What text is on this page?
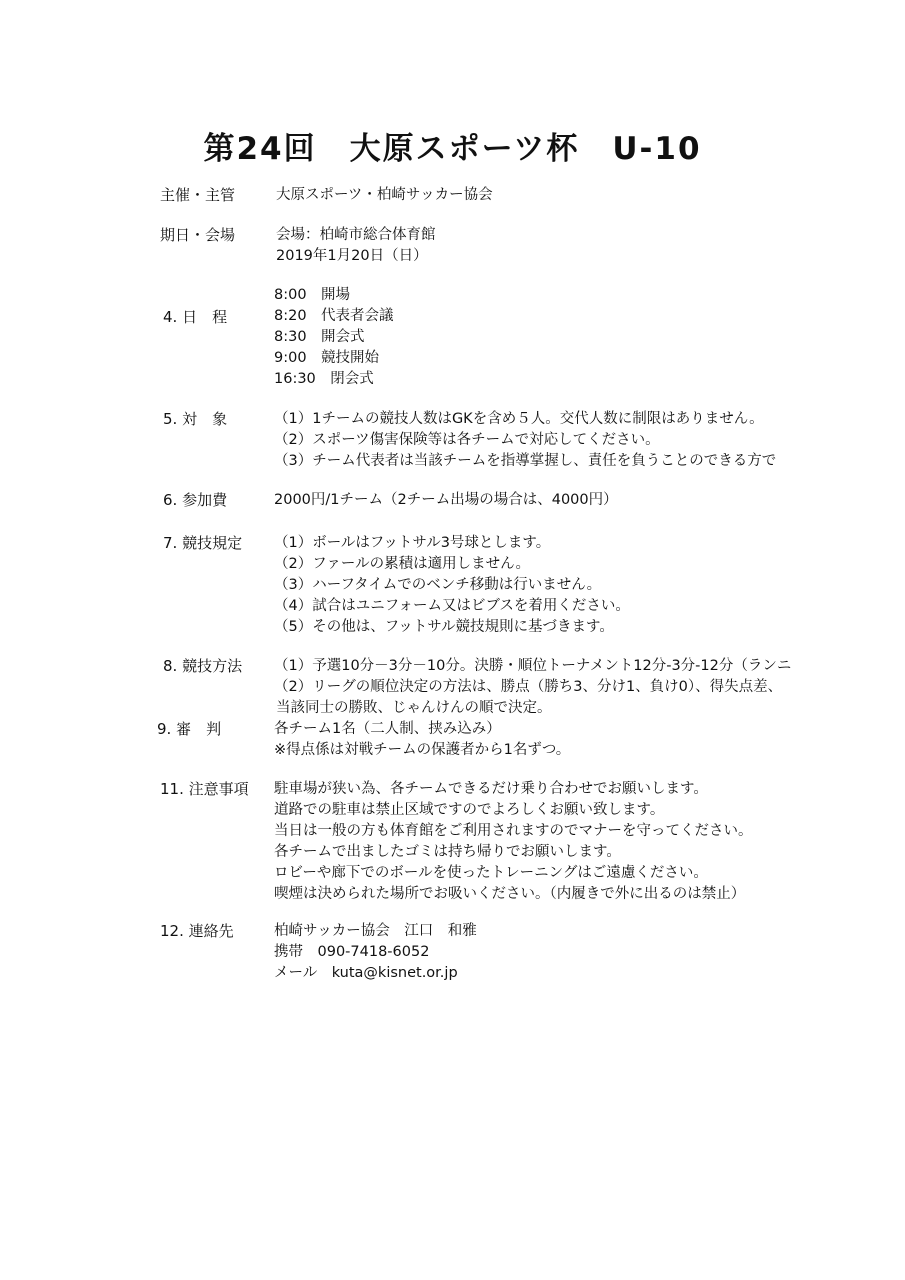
第24回　大原スポーツ杯　U-10
主催・主管	大原スポーツ・柏崎サッカー協会
期日・会場	会場：柏崎市総合体育館
2019年1月20日（日）
4. 日　程
8:00　開場
8:20　代表者会議
8:30　開会式
9:00　競技開始
16:30　閉会式
5. 対　象	（1）1チームの競技人数はGKを含め５人。交代人数に制限はありません。
（2）スポーツ傷害保険等は各チームで対応してください。
（3）チーム代表者は当該チームを指導掌握し、責任を負うことのできる方で
6. 参加費	2000円/1チーム（2チーム出場の場合は、4000円）
7. 競技規定 （1）ボールはフットサル3号球とします。
（2）ファールの累積は適用しません。
（3）ハーフタイムでのベンチ移動は行いません。
（4）試合はユニフォーム又はビブスを着用ください。
（5）その他は、フットサル競技規則に基づきます。
8. 競技方法 （1）予選10分－3分－10分。決勝・順位トーナメント12分-3分-12分（ランニ
（2）リーグの順位決定の方法は、勝点（勝ち3、分け1、負け0）、得失点差、
当該同士の勝敗、じゃんけんの順で決定。
9. 審　判	各チーム1名（二人制、挟み込み）
※得点係は対戦チームの保護者から1名ずつ。
11. 注意事項 駐車場が狭い為、各チームできるだけ乗り合わせでお願いします。
道路での駐車は禁止区域ですのでよろしくお願い致します。
当日は一般の方も体育館をご利用されますのでマナーを守ってください。
各チームで出ましたゴミは持ち帰りでお願いします。
ロビーや廊下でのボールを使ったトレーニングはご遠慮ください。
喫煙は決められた場所でお吸いください。（内履きで外に出るのは禁止）
12. 連絡先	柏崎サッカー協会　江口　和雅
携帯　090-7418-6052
メール　kuta@kisnet.or.jp
